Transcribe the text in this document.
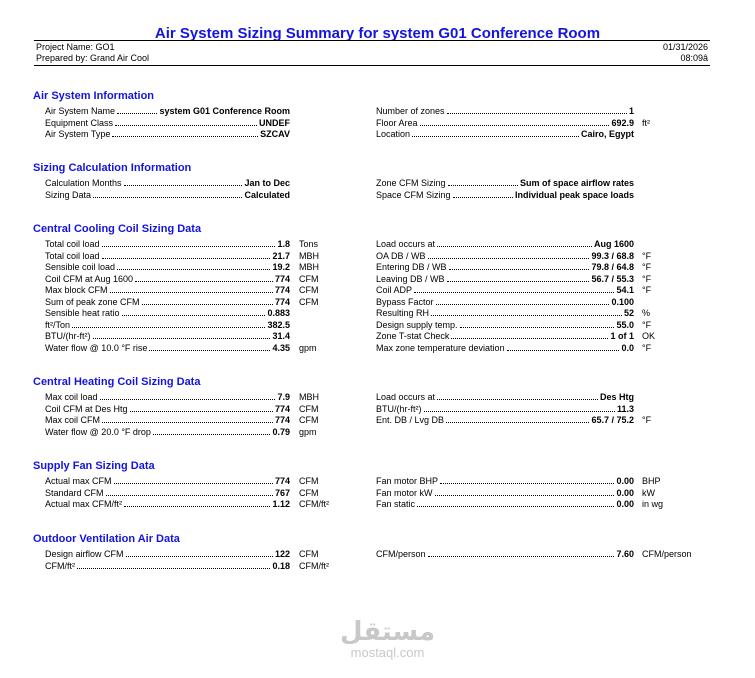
Air System Sizing Summary for system G01 Conference Room
Project Name: GO1
Prepared by: Grand Air Cool
01/31/2026
08:09â
Air System Information
Air System Name	system G01 Conference Room
Equipment Class	UNDEF
Air System Type	SZCAV
Number of zones	1
Floor Area	692.9 ft²
Location	Cairo, Egypt
Sizing Calculation Information
Calculation Months	Jan to Dec
Sizing Data	Calculated
Zone CFM Sizing	Sum of space airflow rates
Space CFM Sizing	Individual peak space loads
Central Cooling Coil Sizing Data
Total coil load	1.8 Tons
Total coil load	21.7 MBH
Sensible coil load	19.2 MBH
Coil CFM at Aug 1600	774 CFM
Max block CFM	774 CFM
Sum of peak zone CFM	774 CFM
Sensible heat ratio	0.883
ft²/Ton	382.5
BTU/(hr-ft²)	31.4
Water flow @ 10.0 °F rise	4.35 gpm
Load occurs at	Aug 1600
OA DB / WB	99.3 / 68.8 °F
Entering DB / WB	79.8 / 64.8 °F
Leaving DB / WB	56.7 / 55.3 °F
Coil ADP	54.1 °F
Bypass Factor	0.100
Resulting RH	52 %
Design supply temp.	55.0 °F
Zone T-stat Check	1 of 1 OK
Max zone temperature deviation	0.0 °F
Central Heating Coil Sizing Data
Max coil load	7.9 MBH
Coil CFM at Des Htg	774 CFM
Max coil CFM	774 CFM
Water flow @ 20.0 °F drop	0.79 gpm
Load occurs at	Des Htg
BTU/(hr-ft²)	11.3
Ent. DB / Lvg DB	65.7 / 75.2 °F
Supply Fan Sizing Data
Actual max CFM	774 CFM
Standard CFM	767 CFM
Actual max CFM/ft²	1.12 CFM/ft²
Fan motor BHP	0.00 BHP
Fan motor kW	0.00 kW
Fan static	0.00 in wg
Outdoor Ventilation Air Data
Design airflow CFM	122 CFM
CFM/ft²	0.18 CFM/ft²
CFM/person	7.60 CFM/person
مستقل
mostaql.com
